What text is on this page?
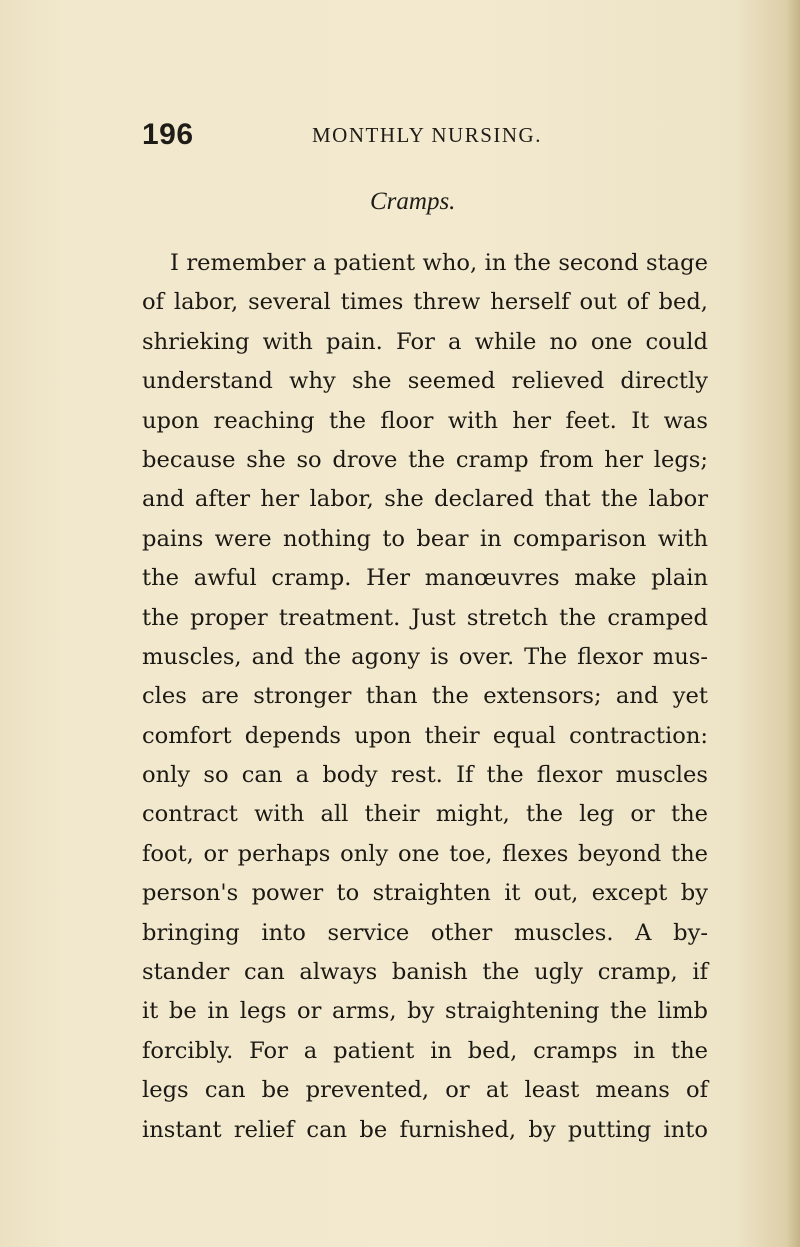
196	MONTHLY NURSING.
Cramps.
I remember a patient who, in the second stage
of labor, several times threw herself out of bed,
shrieking with pain. For a while no one could
understand why she seemed relieved directly
upon reaching the floor with her feet. It was
because she so drove the cramp from her legs;
and after her labor, she declared that the labor
pains were nothing to bear in comparison with
the awful cramp. Her manœuvres make plain
the proper treatment. Just stretch the cramped
muscles, and the agony is over. The flexor mus-
cles are stronger than the extensors; and yet
comfort depends upon their equal contraction:
only so can a body rest. If the flexor muscles
contract with all their might, the leg or the
foot, or perhaps only one toe, flexes beyond the
person's power to straighten it out, except by
bringing into service other muscles. A by-
stander can always banish the ugly cramp, if
it be in legs or arms, by straightening the limb
forcibly. For a patient in bed, cramps in the
legs can be prevented, or at least means of
instant relief can be furnished, by putting into
